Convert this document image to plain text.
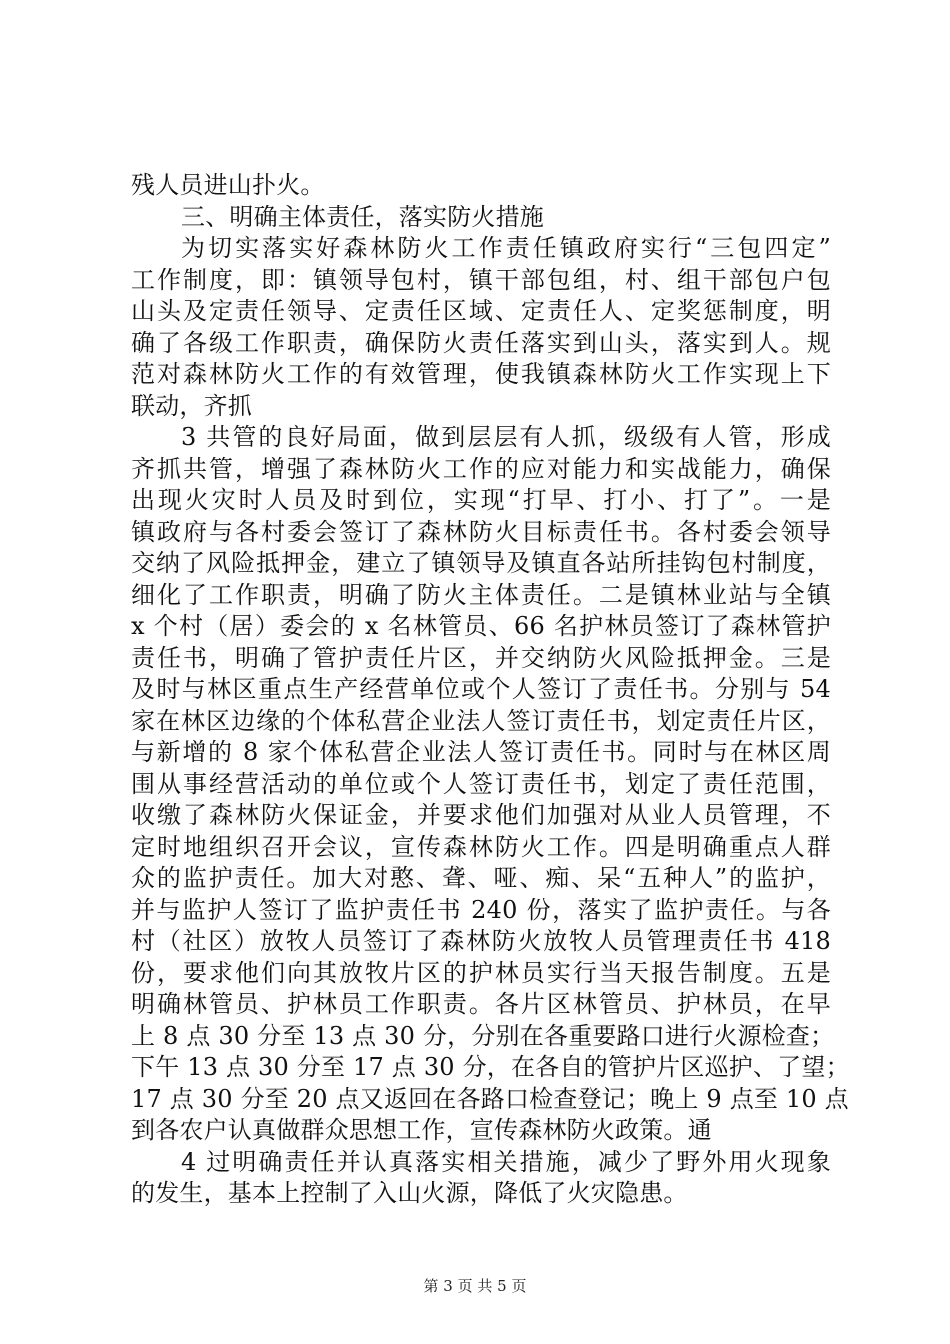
残人员进山扑火。
三、明确主体责任，落实防火措施
为切实落实好森林防火工作责任镇政府实行“三包四定”
工作制度，即：镇领导包村，镇干部包组，村、组干部包户包
山头及定责任领导、定责任区域、定责任人、定奖惩制度，明
确了各级工作职责，确保防火责任落实到山头，落实到人。规
范对森林防火工作的有效管理，使我镇森林防火工作实现上下
联动，齐抓
3 共管的良好局面，做到层层有人抓，级级有人管，形成
齐抓共管，增强了森林防火工作的应对能力和实战能力，确保
出现火灾时人员及时到位，实现“打早、打小、打了”。一是
镇政府与各村委会签订了森林防火目标责任书。各村委会领导
交纳了风险抵押金，建立了镇领导及镇直各站所挂钩包村制度，
细化了工作职责，明确了防火主体责任。二是镇林业站与全镇
x 个村（居）委会的 x 名林管员、66 名护林员签订了森林管护
责任书，明确了管护责任片区，并交纳防火风险抵押金。三是
及时与林区重点生产经营单位或个人签订了责任书。分别与 54
家在林区边缘的个体私营企业法人签订责任书，划定责任片区，
与新增的 8 家个体私营企业法人签订责任书。同时与在林区周
围从事经营活动的单位或个人签订责任书，划定了责任范围，
收缴了森林防火保证金，并要求他们加强对从业人员管理，不
定时地组织召开会议，宣传森林防火工作。四是明确重点人群
众的监护责任。加大对憨、聋、哑、痴、呆“五种人”的监护，
并与监护人签订了监护责任书 240 份，落实了监护责任。与各
村（社区）放牧人员签订了森林防火放牧人员管理责任书 418
份，要求他们向其放牧片区的护林员实行当天报告制度。五是
明确林管员、护林员工作职责。各片区林管员、护林员，在早
上 8 点 30 分至 13 点 30 分，分别在各重要路口进行火源检查；
下午 13 点 30 分至 17 点 30 分，在各自的管护片区巡护、了望；
17 点 30 分至 20 点又返回在各路口检查登记；晚上 9 点至 10 点
到各农户认真做群众思想工作，宣传森林防火政策。通
4 过明确责任并认真落实相关措施，减少了野外用火现象
的发生，基本上控制了入山火源，降低了火灾隐患。
第 3 页 共 5 页
